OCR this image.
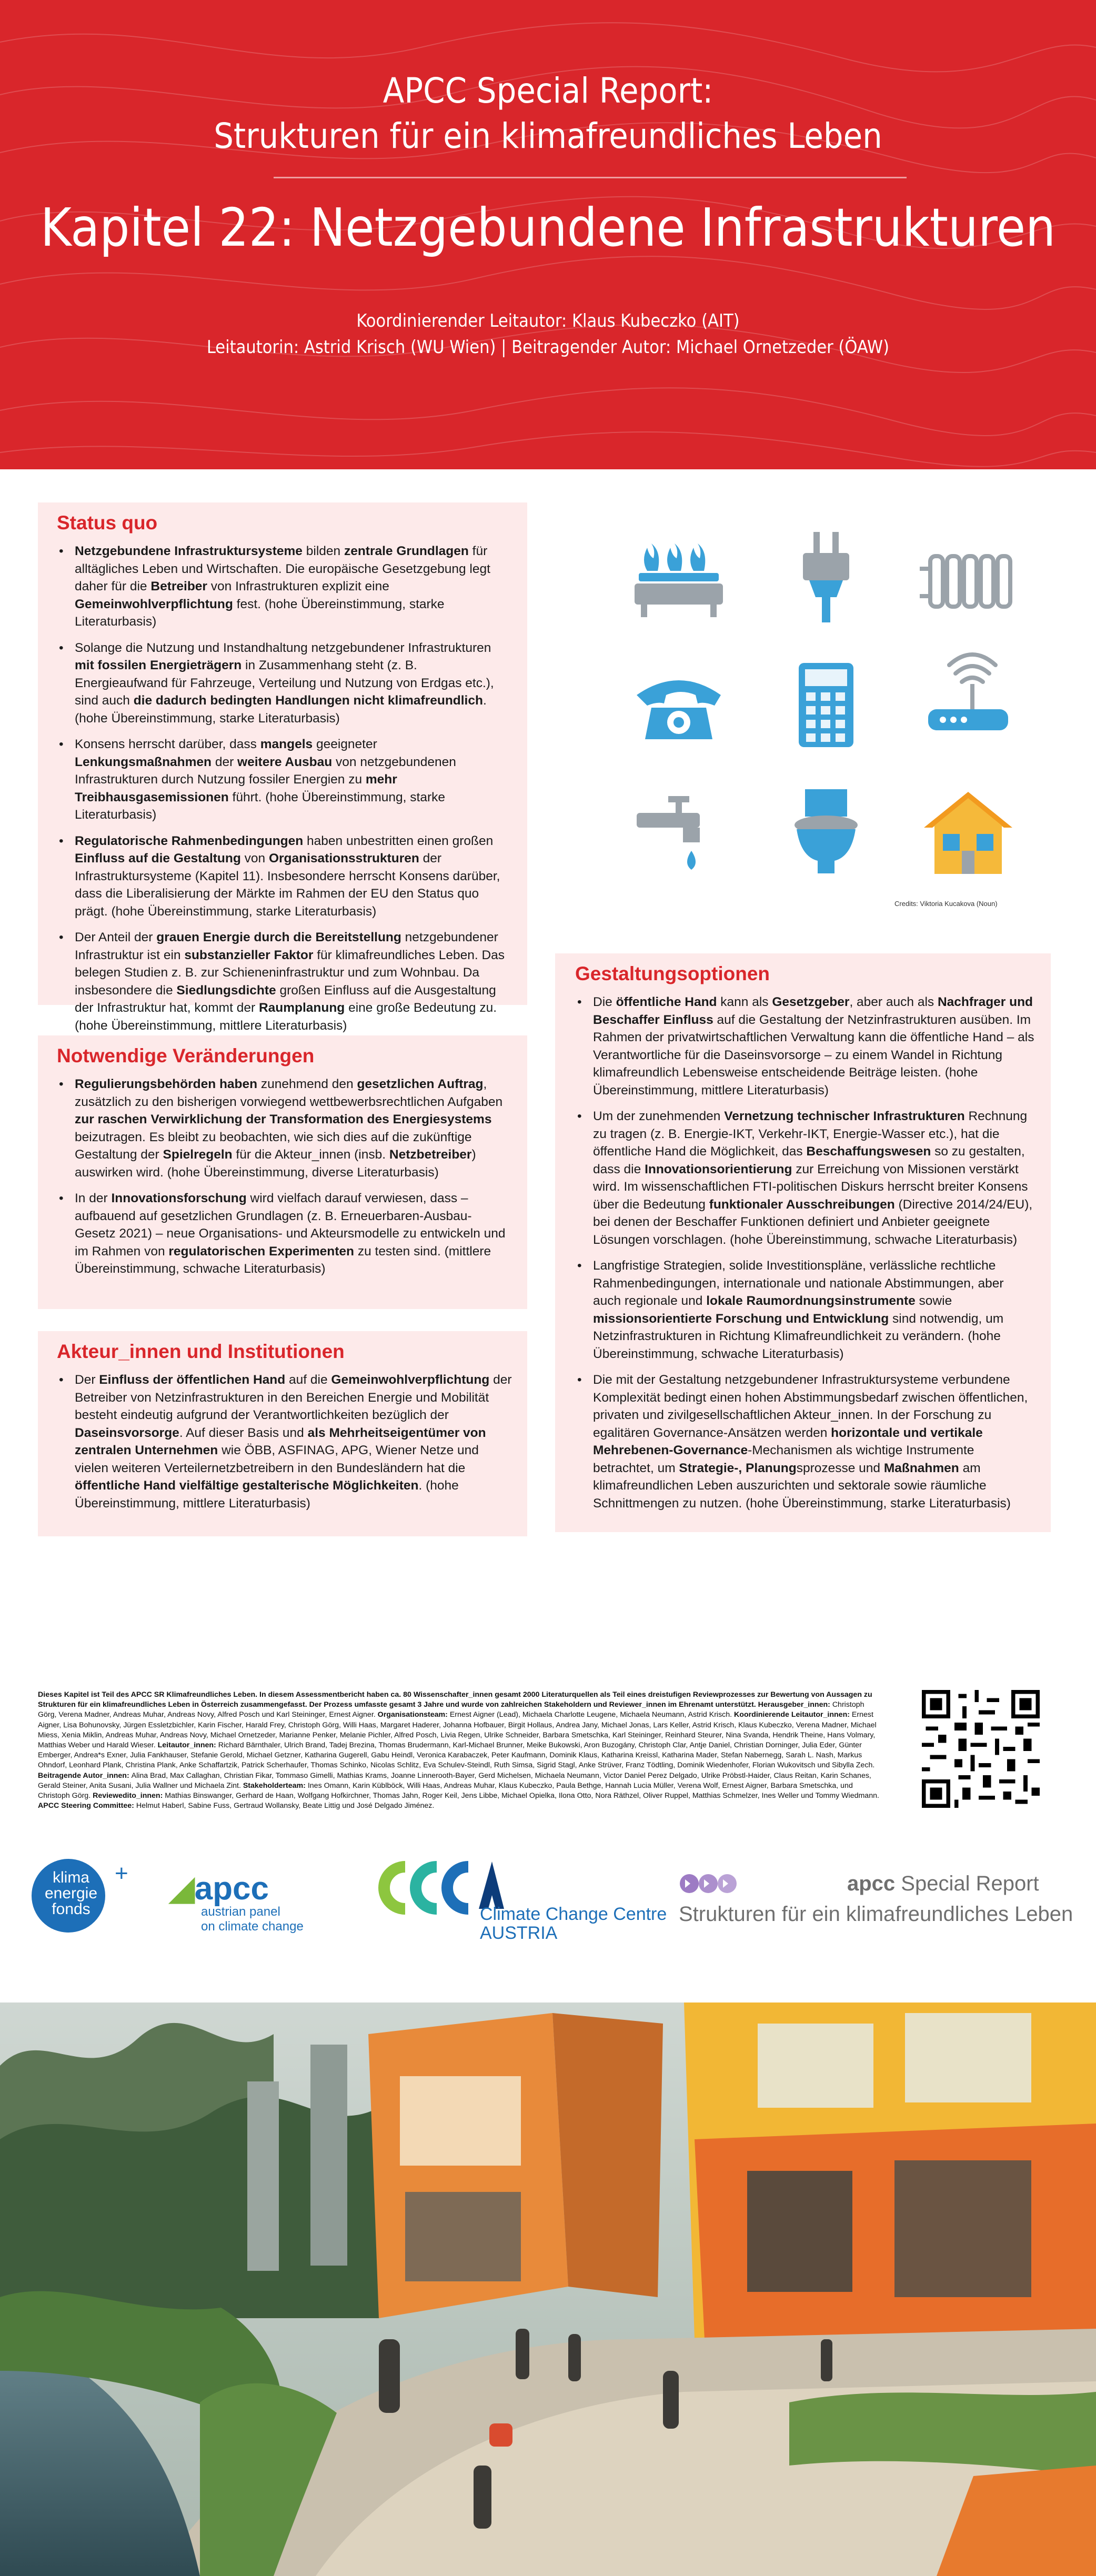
APCC Special Report:
Strukturen für ein klimafreundliches Leben
Kapitel 22: Netzgebundene Infrastrukturen
Koordinierender Leitautor: Klaus Kubeczko (AIT)
Leitautorin: Astrid Krisch (WU Wien) | Beitragender Autor: Michael Ornetzeder (ÖAW)
Status quo
• Netzgebundene Infrastruktursysteme bilden zentrale Grundlagen für alltägliches Leben und Wirtschaften. Die europäische Gesetzgebung legt daher für die Betreiber von Infrastrukturen explizit eine Gemeinwohlverpflichtung fest. (hohe Übereinstimmung, starke Literaturbasis)
• Solange die Nutzung und Instandhaltung netzgebundener Infrastrukturen mit fossilen Energieträgern in Zusammenhang steht (z. B. Energieaufwand für Fahrzeuge, Verteilung und Nutzung von Erdgas etc.), sind auch die dadurch bedingten Handlungen nicht klimafreundlich. (hohe Übereinstimmung, starke Literaturbasis)
• Konsens herrscht darüber, dass mangels geeigneter Lenkungsmaßnahmen der weitere Ausbau von netzgebundenen Infrastrukturen durch Nutzung fossiler Energien zu mehr Treibhausgasemissionen führt. (hohe Übereinstimmung, starke Literaturbasis)
• Regulatorische Rahmenbedingungen haben unbestritten einen großen Einfluss auf die Gestaltung von Organisationsstrukturen der Infrastruktursysteme (Kapitel 11). Insbesondere herrscht Konsens darüber, dass die Liberalisierung der Märkte im Rahmen der EU den Status quo prägt. (hohe Übereinstimmung, starke Literaturbasis)
• Der Anteil der grauen Energie durch die Bereitstellung netzgebundener Infrastruktur ist ein substanzieller Faktor für klimafreundliches Leben. Das belegen Studien z. B. zur Schieneninfrastruktur und zum Wohnbau. Da insbesondere die Siedlungsdichte großen Einfluss auf die Ausgestaltung der Infrastruktur hat, kommt der Raumplanung eine große Bedeutung zu. (hohe Übereinstimmung, mittlere Literaturbasis)
Notwendige Veränderungen
• Regulierungsbehörden haben zunehmend den gesetzlichen Auftrag, zusätzlich zu den bisherigen vorwiegend wettbewerbsrechtlichen Aufgaben zur raschen Verwirklichung der Transformation des Energiesystems beizutragen. Es bleibt zu beobachten, wie sich dies auf die zukünftige Gestaltung der Spielregeln für die Akteur_innen (insb. Netzbetreiber) auswirken wird. (hohe Übereinstimmung, diverse Literaturbasis)
• In der Innovationsforschung wird vielfach darauf verwiesen, dass – aufbauend auf gesetzlichen Grundlagen (z. B. Erneuerbaren-Ausbau-Gesetz 2021) – neue Organisations- und Akteursmodelle zu entwickeln und im Rahmen von regulatorischen Experimenten zu testen sind. (mittlere Übereinstimmung, schwache Literaturbasis)
Akteur_innen und Institutionen
• Der Einfluss der öffentlichen Hand auf die Gemeinwohlverpflichtung der Betreiber von Netzinfrastrukturen in den Bereichen Energie und Mobilität besteht eindeutig aufgrund der Verantwortlichkeiten bezüglich der Daseinsvorsorge. Auf dieser Basis und als Mehrheitseigentümer von zentralen Unternehmen wie ÖBB, ASFINAG, APG, Wiener Netze und vielen weiteren Verteilernetzbetreibern in den Bundesländern hat die öffentliche Hand vielfältige gestalterische Möglichkeiten. (hohe Übereinstimmung, mittlere Literaturbasis)
Credits: Viktoria Kucakova (Noun)
Gestaltungsoptionen
• Die öffentliche Hand kann als Gesetzgeber, aber auch als Nachfrager und Beschaffer Einfluss auf die Gestaltung der Netzinfrastrukturen ausüben. Im Rahmen der privatwirtschaftlichen Verwaltung kann die öffentliche Hand – als Verantwortliche für die Daseinsvorsorge – zu einem Wandel in Richtung klimafreundlich Lebensweise entscheidende Beiträge leisten. (hohe Übereinstimmung, mittlere Literaturbasis)
• Um der zunehmenden Vernetzung technischer Infrastrukturen Rechnung zu tragen (z. B. Energie-IKT, Verkehr-IKT, Energie-Wasser etc.), hat die öffentliche Hand die Möglichkeit, das Beschaffungswesen so zu gestalten, dass die Innovationsorientierung zur Erreichung von Missionen verstärkt wird. Im wissenschaftlichen FTI-politischen Diskurs herrscht breiter Konsens über die Bedeutung funktionaler Ausschreibungen (Directive 2014/24/EU), bei denen der Beschaffer Funktionen definiert und Anbieter geeignete Lösungen vorschlagen. (hohe Übereinstimmung, schwache Literaturbasis)
• Langfristige Strategien, solide Investitionspläne, verlässliche rechtliche Rahmenbedingungen, internationale und nationale Abstimmungen, aber auch regionale und lokale Raumordnungsinstrumente sowie missionsorientierte Forschung und Entwicklung sind notwendig, um Netzinfrastrukturen in Richtung Klimafreundlichkeit zu verändern. (hohe Übereinstimmung, schwache Literaturbasis)
• Die mit der Gestaltung netzgebundener Infrastruktursysteme verbundene Komplexität bedingt einen hohen Abstimmungsbedarf zwischen öffentlichen, privaten und zivilgesellschaftlichen Akteur_innen. In der Forschung zu egalitären Governance-Ansätzen werden horizontale und vertikale Mehrebenen-Governance-Mechanismen als wichtige Instrumente betrachtet, um Strategie-, Planungsprozesse und Maßnahmen am klimafreundlichen Leben auszurichten und sektorale sowie räumliche Schnittmengen zu nutzen. (hohe Übereinstimmung, starke Literaturbasis)
Dieses Kapitel ist Teil des APCC SR Klimafreundliches Leben. In diesem Assessmentbericht haben ca. 80 Wissenschafter_innen gesamt 2000 Literaturquellen als Teil eines dreistufigen Reviewprozesses zur Bewertung von Aussagen zu Strukturen für ein klimafreundliches Leben in Österreich zusammengefasst. Der Prozess umfasste gesamt 3 Jahre und wurde von zahlreichen Stakeholdern und Reviewer_innen im Ehrenamt unterstützt. Herausgeber_innen: Christoph Görg, Verena Madner, Andreas Muhar, Andreas Novy, Alfred Posch und Karl Steininger, Ernest Aigner. Organisationsteam: Ernest Aigner (Lead), Michaela Charlotte Leugene, Michaela Neumann, Astrid Krisch. Koordinierende Leitautor_innen: Ernest Aigner, Lisa Bohunovsky, Jürgen Essletzbichler, Karin Fischer, Harald Frey, Christoph Görg, Willi Haas, Margaret Haderer, Johanna Hofbauer, Birgit Hollaus, Andrea Jany, Michael Jonas, Lars Keller, Astrid Krisch, Klaus Kubeczko, Verena Madner, Michael Miess, Xenia Miklin, Andreas Muhar, Andreas Novy, Michael Ornetzeder, Marianne Penker, Melanie Pichler, Alfred Posch, Livia Regen, Ulrike Schneider, Barbara Smetschka, Karl Steininger, Reinhard Steurer, Nina Svanda, Hendrik Theine, Hans Volmary, Matthias Weber und Harald Wieser. Leitautor_innen: Richard Bärnthaler, Ulrich Brand, Tadej Brezina, Thomas Brudermann, Karl-Michael Brunner, Meike Bukowski, Aron Buzogány, Christoph Clar, Antje Daniel, Christian Dorninger, Julia Eder, Günter Emberger, Andrea*s Exner, Julia Fankhauser, Stefanie Gerold, Michael Getzner, Katharina Gugerell, Gabu Heindl, Veronica Karabaczek, Peter Kaufmann, Dominik Klaus, Katharina Kreissl, Katharina Mader, Stefan Nabernegg, Sarah L. Nash, Markus Ohndorf, Leonhard Plank, Christina Plank, Anke Schaffartzik, Patrick Scherhaufer, Thomas Schinko, Nicolas Schlitz, Eva Schulev-Steindl, Ruth Simsa, Sigrid Stagl, Anke Strüver, Franz Tödtling, Dominik Wiedenhofer, Florian Wukovitsch und Sibylla Zech. Beitragende Autor_innen: Alina Brad, Max Callaghan, Christian Fikar, Tommaso Gimelli, Mathias Krams, Joanne Linnerooth-Bayer, Gerd Michelsen, Michaela Neumann, Victor Daniel Perez Delgado, Ulrike Pröbstl-Haider, Claus Reitan, Karin Schanes, Gerald Steiner, Anita Susani, Julia Wallner und Michaela Zint. Stakeholderteam: Ines Omann, Karin Küblböck, Willi Haas, Andreas Muhar, Klaus Kubeczko, Paula Bethge, Hannah Lucia Müller, Verena Wolf, Ernest Aigner, Barbara Smetschka, und Christoph Görg. Reviewedito_innen: Mathias Binswanger, Gerhard de Haan, Wolfgang Hofkirchner, Thomas Jahn, Roger Keil, Jens Libbe, Michael Opielka, Ilona Otto, Nora Räthzel, Oliver Ruppel, Matthias Schmelzer, Ines Weller und Tommy Wiedmann. APCC Steering Committee: Helmut Haberl, Sabine Fuss, Gertraud Wollansky, Beate Littig und José Delgado Jiménez.
klima
energie
fonds
+ ◢apcc
austrian panel
on climate change
Climate Change Centre
AUSTRIA
apcc Special Report
Strukturen für ein klimafreundliches Leben
